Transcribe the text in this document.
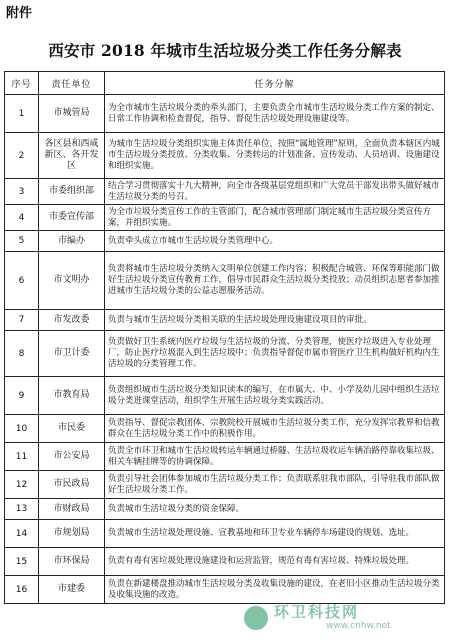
附件
西安市 2018 年城市生活垃圾分类工作任务分解表
序号	责任单位	任务分解
1	市城管局	为全市城市生活垃圾分类的牵头部门，主要负责全市城市生活垃圾分类工作方案的制定、日常工作协调和检查督促，指导、督促生活垃圾处理设施建设等。
2	各区县和西咸新区、各开发区	为城市生活垃圾分类组织实施主体责任单位，按照“属地管理”原则，全面负责本辖区内城市生活垃圾分类投放、分类收集、分类转运的计划准备、宣传发动、人员培训、设施建设和组织实施。
3	市委组织部	结合学习贯彻落实十九大精神，向全市各级基层党组织和广大党员干部发出带头做好城市生活垃圾分类的号召。
4	市委宣传部	为全市垃圾分类宣传工作的主管部门，配合城市管理部门制定城市生活垃圾分类宣传方案，并组织实施。
5	市编办	负责牵头成立市城市生活垃圾分类管理中心。
6	市文明办	负责将城市生活垃圾分类纳入文明单位创建工作内容；积极配合城管、环保等职能部门做好生活垃圾分类宣传教育工作，倡导市民群众生活垃圾分类投放；动员组织志愿者参加推进城市生活垃圾分类的公益志愿服务活动。
7	市发改委	负责与城市生活垃圾分类相关联的生活垃圾处理设施建设项目的审批。
8	市卫计委	负责做好卫生系统内医疗垃圾与生活垃圾的分流、分类管理，使医疗垃圾进入专业处理厂，防止医疗垃圾混入到生活垃圾中；负责指导督促市属市管医疗卫生机构做好机构内生活垃圾的分类管理工作。
9	市教育局	负责组织城市生活垃圾分类知识读本的编写，在市属大、中、小学及幼儿园中组织生活垃圾分类进课堂活动，组织学生开展生活垃圾分类实践活动。
10	市民委	负责指导、督促宗教团体、宗教院校开展城市生活垃圾分类工作，充分发挥宗教界和信教群众在生活垃圾分类工作中的积极作用。
11	市公安局	负责全市环卫和城市生活垃圾转运车辆通过桥隧、生活垃圾收运车辆冶路停靠收集垃圾、相关车辆挂牌等的协调保障。
12	市民政局	负责引导社会团体参加城市生活垃圾分类工作；负责联系驻我市部队，引导驻我市部队做好生活垃圾分类工作。
13	市财政局	负责城市生活垃圾分类的资金保障。
14	市规划局	负责城市生活垃圾处理设施、宣教基地和环卫专业车辆停车场建设的规划、选址。
15	市环保局	负责有毒有害垃圾处理设施建设和运营监管，规范有毒有害垃圾、特殊垃圾处理。
16	市建委	负责在新建楼盘推动城市生活垃圾分类及收集设施的建设，在老旧小区推动生活垃圾分类及收集设施的改造。
环卫科技网
www.cnhw.net
